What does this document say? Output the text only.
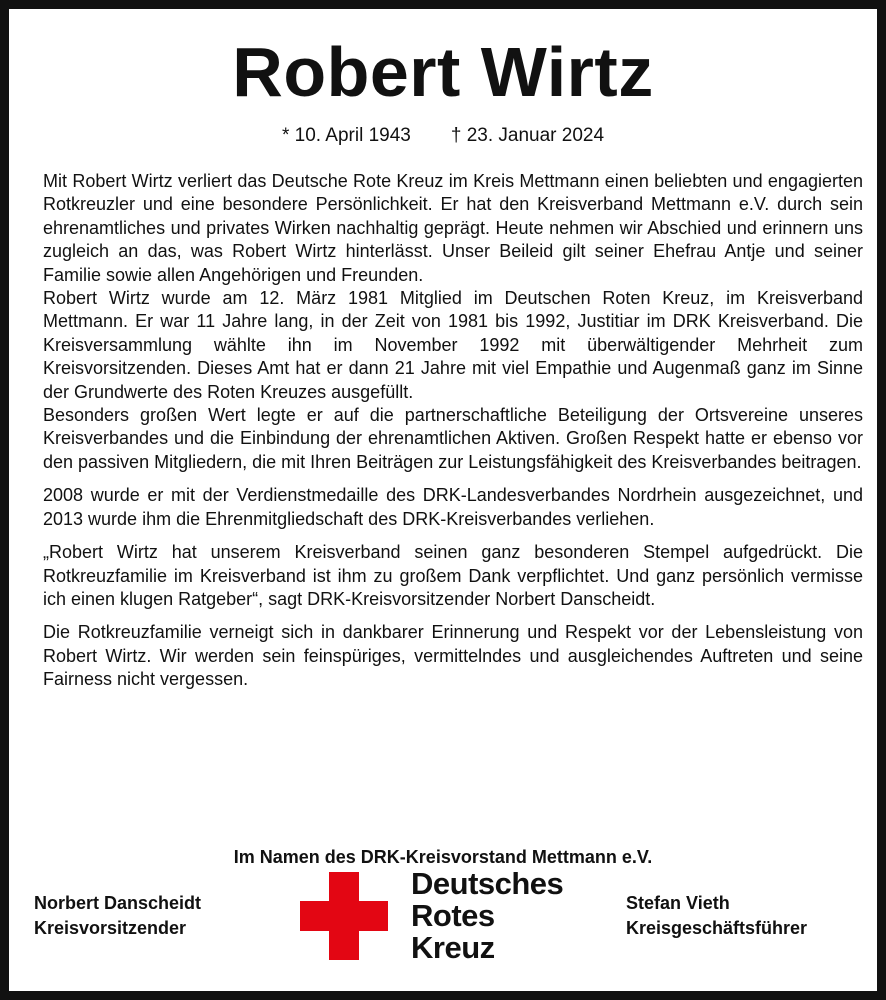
Robert Wirtz
* 10. April 1943 † 23. Januar 2024

Mit Robert Wirtz verliert das Deutsche Rote Kreuz im Kreis Mettmann einen beliebten und engagierten Rotkreuzler und eine besondere Persönlichkeit. Er hat den Kreisverband Mettmann e.V. durch sein ehrenamtliches und privates Wirken nachhaltig geprägt. Heute nehmen wir Abschied und erinnern uns zugleich an das, was Robert Wirtz hinterlässt. Unser Beileid gilt seiner Ehefrau Antje und seiner Familie sowie allen Angehörigen und Freunden.

Robert Wirtz wurde am 12. März 1981 Mitglied im Deutschen Roten Kreuz, im Kreisverband Mettmann. Er war 11 Jahre lang, in der Zeit von 1981 bis 1992, Justitiar im DRK Kreisverband. Die Kreisversammlung wählte ihn im November 1992 mit überwältigender Mehrheit zum Kreisvorsitzenden. Dieses Amt hat er dann 21 Jahre mit viel Empathie und Augenmaß ganz im Sinne der Grundwerte des Roten Kreuzes ausgefüllt.

Besonders großen Wert legte er auf die partnerschaftliche Beteiligung der Ortsvereine unseres Kreisverbandes und die Einbindung der ehrenamtlichen Aktiven. Großen Respekt hatte er ebenso vor den passiven Mitgliedern, die mit Ihren Beiträgen zur Leistungsfähigkeit des Kreisverbandes beitragen.

2008 wurde er mit der Verdienstmedaille des DRK-Landesverbandes Nordrhein ausgezeichnet, und 2013 wurde ihm die Ehrenmitgliedschaft des DRK-Kreisverbandes verliehen.

„Robert Wirtz hat unserem Kreisverband seinen ganz besonderen Stempel aufgedrückt. Die Rotkreuzfamilie im Kreisverband ist ihm zu großem Dank verpflichtet. Und ganz persönlich vermisse ich einen klugen Ratgeber“, sagt DRK-Kreisvorsitzender Norbert Danscheidt.

Die Rotkreuzfamilie verneigt sich in dankbarer Erinnerung und Respekt vor der Lebensleistung von Robert Wirtz. Wir werden sein feinspüriges, vermittelndes und ausgleichendes Auftreten und seine Fairness nicht vergessen.

Im Namen des DRK-Kreisvorstand Mettmann e.V.
Norbert Danscheidt
Kreisvorsitzender
Deutsches
Rotes
Kreuz
Stefan Vieth
Kreisgeschäftsführer
